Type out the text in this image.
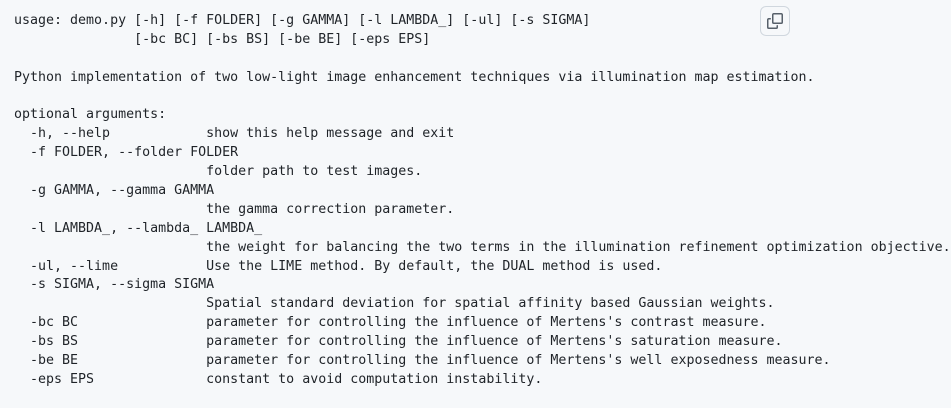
usage: demo.py [-h] [-f FOLDER] [-g GAMMA] [-l LAMBDA_] [-ul] [-s SIGMA]
[-bc BC] [-bs BS] [-be BE] [-eps EPS]
Python implementation of two low-light image enhancement techniques via illumination map estimation.
optional arguments:
-h, --help            show this help message and exit
-f FOLDER, --folder FOLDER
folder path to test images.
-g GAMMA, --gamma GAMMA
the gamma correction parameter.
-l LAMBDA_, --lambda_ LAMBDA_
the weight for balancing the two terms in the illumination refinement optimization objective.
-ul, --lime           Use the LIME method. By default, the DUAL method is used.
-s SIGMA, --sigma SIGMA
Spatial standard deviation for spatial affinity based Gaussian weights.
-bc BC                parameter for controlling the influence of Mertens's contrast measure.
-bs BS                parameter for controlling the influence of Mertens's saturation measure.
-be BE                parameter for controlling the influence of Mertens's well exposedness measure.
-eps EPS              constant to avoid computation instability.
